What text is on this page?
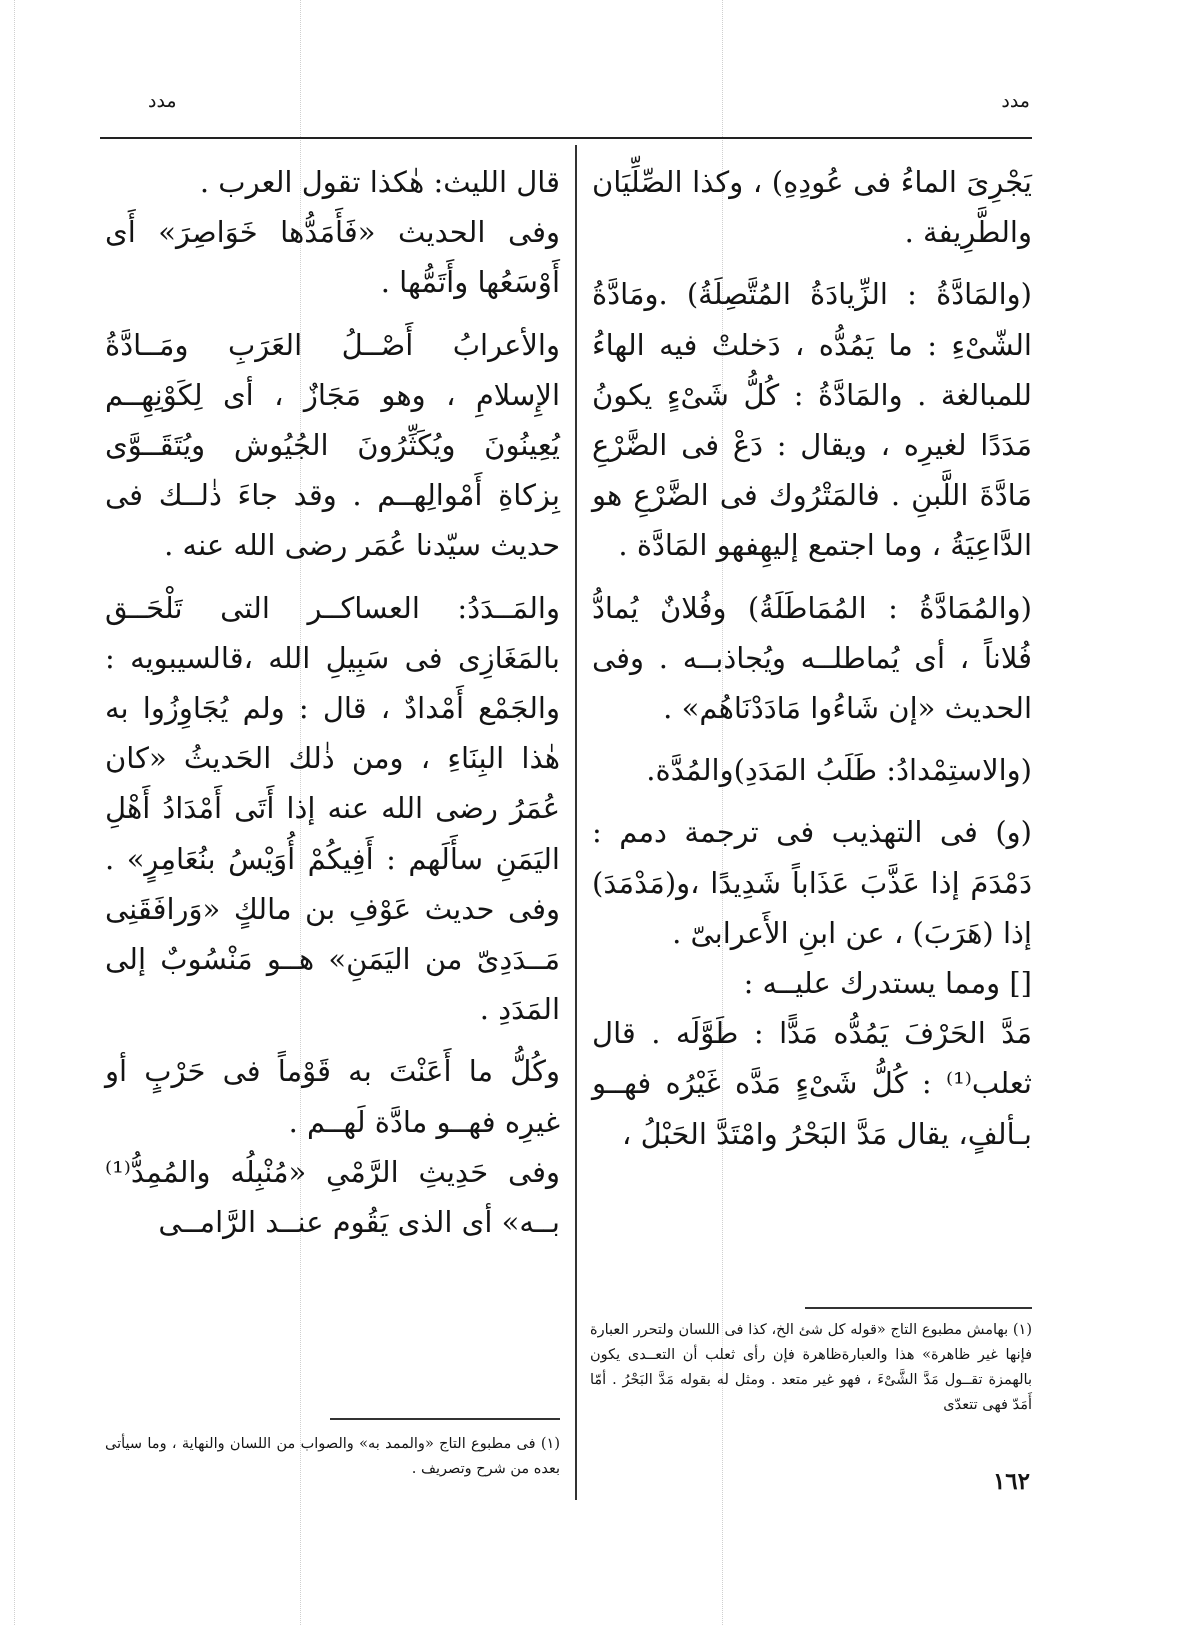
مدد
مدد

يَجْرِىَ الماءُ فى عُودِهِ) ، وكذا الصِّلِّيَان والطَّرِيفة .

(والمَادَّةُ : الزِّيادَةُ المُتَّصِلَةُ) .ومَادَّةُ الشّىْءِ : ما يَمُدُّه ، دَخلتْ فيه الهاءُ للمبالغة . والمَادَّةُ : كُلُّ شَىْءٍ يكونُ مَدَدًا لغيرِه ، ويقال : دَعْ فى الضَّرْعِ مَادَّةَ اللَّبنِ . فالمَتْرُوك فى الضَّرْعِ هو الدَّاعِيَةُ ، وما اجتمع إليهِفهو المَادَّة .

(والمُمَادَّةُ : المُمَاطَلَةُ) وفُلانٌ يُمادُّ فُلاناً ، أى يُماطلــه ويُجاذبــه . وفى الحديث «إن شَاءُوا مَادَدْنَاهُم» .

(والاستِمْدادُ: طَلَبُ المَدَدِ)والمُدَّة.

(و) فى التهذيب فى ترجمة دمم : دَمْدَمَ إذا عَذَّبَ عَذَاباً شَدِيدًا ،و(مَدْمَدَ) إذا (هَرَبَ) ، عن ابنِ الأَعرابىّ .

[] ومما يستدرك عليــه :

مَدَّ الحَرْفَ يَمُدُّه مَدًّا : طَوَّلَه . قال ثعلب⁽¹⁾ : كُلُّ شَىْءٍ مَدَّه غَيْرُه فهــو بـألفٍ، يقال مَدَّ البَحْرُ وامْتَدَّ الحَبْلُ ،

قال الليث: هٰكذا تقول العرب .

وفى الحديث «فَأَمَدُّها خَوَاصِرَ» أَى أَوْسَعُها وأَتَمُّها .

والأعرابُ أَصْــلُ العَرَبِ ومَــادَّةُ الإِسلامِ ، وهو مَجَازٌ ، أى لِكَوْنِهِــم يُعِينُونَ ويُكَثِّرُونَ الجُيُوش ويُتَقَــوَّى بِزكاةِ أَمْوالِهــم . وقد جاءَ ذٰلــك فى حديث سيّدنا عُمَر رضى الله عنه .

والمَــدَدُ: العساكــر التى تَلْحَــق بالمَغَازِى فى سَبِيلِ الله ،قالسيبويه : والجَمْع أَمْدادٌ ، قال : ولم يُجَاوِزُوا به هٰذا البِنَاءِ ، ومن ذٰلك الحَديثُ «كان عُمَرُ رضى الله عنه إذا أَتَى أَمْدَادُ أَهْلِ اليَمَنِ سأَلَهم : أَفِيكُمْ أُوَيْسُ بنُعَامِرٍ» . وفى حديث عَوْفِ بن مالكٍ «وَرافَقَنِى مَــدَدِىّ من اليَمَنِ» هــو مَنْسُوبٌ إلى المَدَدِ .

وكُلُّ ما أَعَنْتَ به قَوْماً فى حَرْبٍ أو غيرِه فهــو مادَّة لَهــم .

وفى حَدِيثِ الرَّمْىِ «مُنْبِلُه والمُمِدُّ⁽¹⁾ بــه» أى الذى يَقُوم عنــد الرَّامــى

(١) بهامش مطبوع التاج «قوله كل شئ الخ، كذا فى اللسان ولتحرر العبارة فإنها غير ظاهرة» هذا والعبارةظاهرة فإن رأى ثعلب أن التعــدى يكون بالهمزة تقــول مَدَّ الشَّىْءَ ، فهو غير متعد . ومثل له بقوله مَدَّ البَحْرُ . أمّا أَمَدّ فهى تتعدّى
(١) فى مطبوع التاج «والممد به» والصواب من اللسان والنهاية ، وما سيأتى بعده من شرح وتصريف .	١٦٢
